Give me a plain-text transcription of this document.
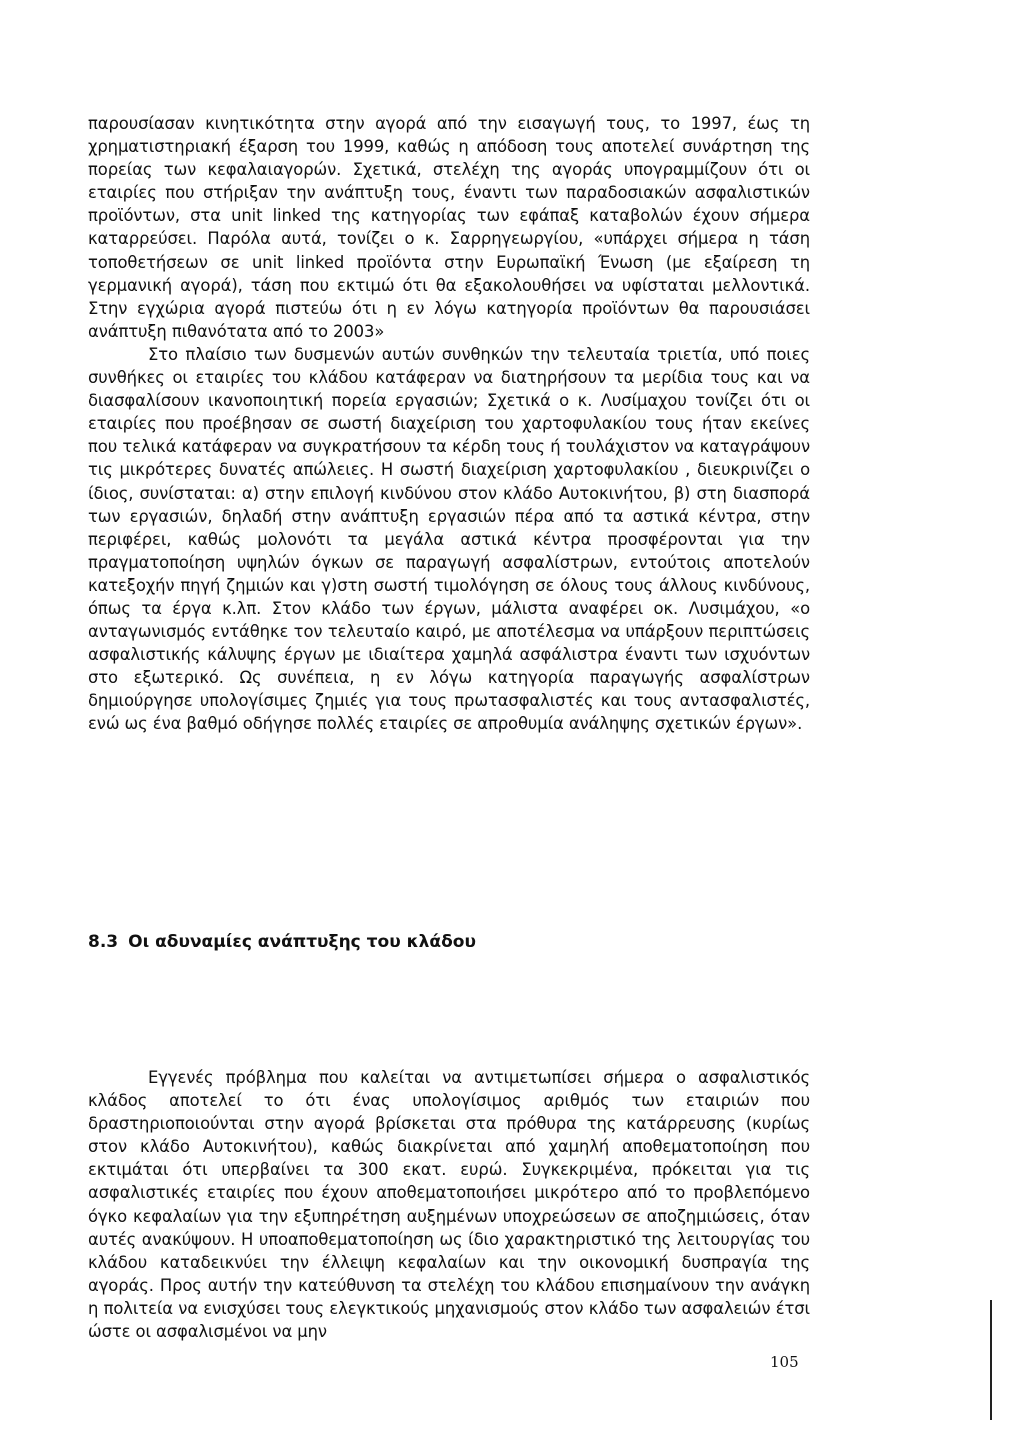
παρουσίασαν κινητικότητα στην αγορά από την εισαγωγή τους, το 1997, έως τη χρηματιστηριακή έξαρση του 1999, καθώς η απόδοση τους αποτελεί συνάρτηση της πορείας των κεφαλαιαγορών. Σχετικά, στελέχη της αγοράς υπογραμμίζουν ότι οι εταιρίες που στήριξαν την ανάπτυξη τους, έναντι των παραδοσιακών ασφαλιστικών προϊόντων, στα unit linked της κατηγορίας των εφάπαξ καταβολών έχουν σήμερα καταρρεύσει. Παρόλα αυτά, τονίζει ο κ. Σαρρηγεωργίου, «υπάρχει σήμερα η τάση τοποθετήσεων σε unit linked προϊόντα στην Ευρωπαϊκή Ένωση (με εξαίρεση τη γερμανική αγορά), τάση που εκτιμώ ότι θα εξακολουθήσει να υφίσταται μελλοντικά. Στην εγχώρια αγορά πιστεύω ότι η εν λόγω κατηγορία προϊόντων θα παρουσιάσει ανάπτυξη πιθανότατα από το 2003»

Στο πλαίσιο των δυσμενών αυτών συνθηκών την τελευταία τριετία, υπό ποιες συνθήκες οι εταιρίες του κλάδου κατάφεραν να διατηρήσουν τα μερίδια τους και να διασφαλίσουν ικανοποιητική πορεία εργασιών; Σχετικά ο κ. Λυσίμαχου τονίζει ότι οι εταιρίες που προέβησαν σε σωστή διαχείριση του χαρτοφυλακίου τους ήταν εκείνες που τελικά κατάφεραν να συγκρατήσουν τα κέρδη τους ή τουλάχιστον να καταγράψουν τις μικρότερες δυνατές απώλειες. Η σωστή διαχείριση χαρτοφυλακίου , διευκρινίζει ο ίδιος, συνίσταται: α) στην επιλογή κινδύνου στον κλάδο Αυτοκινήτου, β) στη διασπορά των εργασιών, δηλαδή στην ανάπτυξη εργασιών πέρα από τα αστικά κέντρα, στην περιφέρει, καθώς μολονότι τα μεγάλα αστικά κέντρα προσφέρονται για την πραγματοποίηση υψηλών όγκων σε παραγωγή ασφαλίστρων, εντούτοις αποτελούν κατεξοχήν πηγή ζημιών και γ)στη σωστή τιμολόγηση σε όλους τους άλλους κινδύνους, όπως τα έργα κ.λπ. Στον κλάδο των έργων, μάλιστα αναφέρει οκ. Λυσιμάχου, «ο ανταγωνισμός εντάθηκε τον τελευταίο καιρό, με αποτέλεσμα να υπάρξουν περιπτώσεις ασφαλιστικής κάλυψης έργων με ιδιαίτερα χαμηλά ασφάλιστρα έναντι των ισχυόντων στο εξωτερικό. Ως συνέπεια, η εν λόγω κατηγορία παραγωγής ασφαλίστρων δημιούργησε υπολογίσιμες ζημιές για τους πρωτασφαλιστές και τους αντασφαλιστές, ενώ ως ένα βαθμό οδήγησε πολλές εταιρίες σε απροθυμία ανάληψης σχετικών έργων».

8.3 Οι αδυναμίες ανάπτυξης του κλάδου

Εγγενές πρόβλημα που καλείται να αντιμετωπίσει σήμερα ο ασφαλιστικός κλάδος αποτελεί το ότι ένας υπολογίσιμος αριθμός των εταιριών που δραστηριοποιούνται στην αγορά βρίσκεται στα πρόθυρα της κατάρρευσης (κυρίως στον κλάδο Αυτοκινήτου), καθώς διακρίνεται από χαμηλή αποθεματοποίηση που εκτιμάται ότι υπερβαίνει τα 300 εκατ. ευρώ. Συγκεκριμένα, πρόκειται για τις ασφαλιστικές εταιρίες που έχουν αποθεματοποιήσει μικρότερο από το προβλεπόμενο όγκο κεφαλαίων για την εξυπηρέτηση αυξημένων υποχρεώσεων σε αποζημιώσεις, όταν αυτές ανακύψουν. Η υποαποθεματοποίηση ως ίδιο χαρακτηριστικό της λειτουργίας του κλάδου καταδεικνύει την έλλειψη κεφαλαίων και την οικονομική δυσπραγία της αγοράς. Προς αυτήν την κατεύθυνση τα στελέχη του κλάδου επισημαίνουν την ανάγκη η πολιτεία να ενισχύσει τους ελεγκτικούς μηχανισμούς στον κλάδο των ασφαλειών έτσι ώστε οι ασφαλισμένοι να μην

105
